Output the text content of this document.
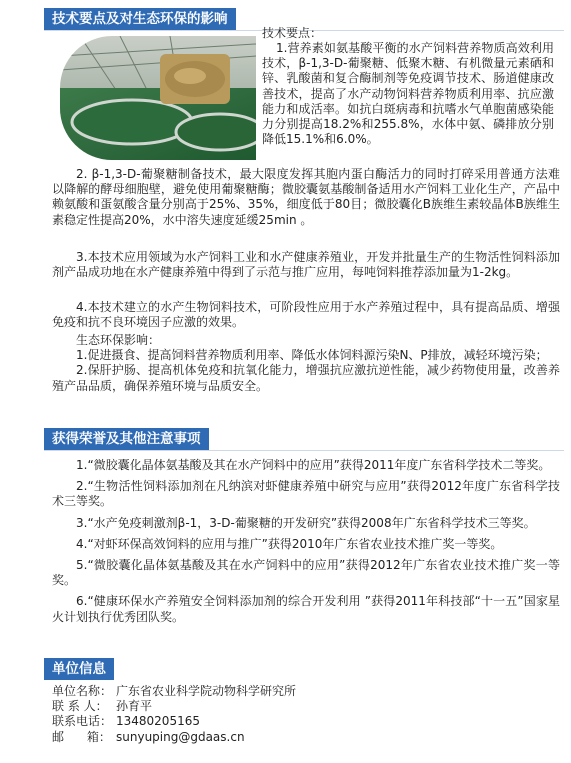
技术要点及对生态环保的影响

技术要点：

1.营养素如氨基酸平衡的水产饲料营养物质高效利用技术，β-1,3-D-葡聚糖、低聚木糖、有机微量元素硒和锌、乳酸菌和复合酶制剂等免疫调节技术、肠道健康改善技术，提高了水产动物饲料营养物质利用率、抗应激能力和成活率。如抗白斑病毒和抗嗜水气单胞菌感染能力分别提高18.2%和255.8%，水体中氨、磷排放分别降低15.1%和6.0%。

2. β-1,3-D-葡聚糖制备技术，最大限度发挥其胞内蛋白酶活力的同时打碎采用普通方法难以降解的酵母细胞壁，避免使用葡聚糖酶；微胶囊氨基酸制备适用水产饲料工业化生产，产品中赖氨酸和蛋氨酸含量分别高于25%、35%，细度低于80目；微胶囊化B族维生素较晶体B族维生素稳定性提高20%，水中溶失速度延缓25min 。

3.本技术应用领域为水产饲料工业和水产健康养殖业，开发并批量生产的生物活性饲料添加剂产品成功地在水产健康养殖中得到了示范与推广应用，每吨饲料推荐添加量为1-2kg。

4.本技术建立的水产生物饲料技术，可阶段性应用于水产养殖过程中，具有提高品质、增强免疫和抗不良环境因子应激的效果。

生态环保影响：

1.促进摄食、提高饲料营养物质利用率、降低水体饲料源污染N、P排放，减轻环境污染；

2.保肝护肠、提高机体免疫和抗氧化能力，增强抗应激抗逆性能，减少药物使用量，改善养殖产品品质，确保养殖环境与品质安全。

获得荣誉及其他注意事项

1.“微胶囊化晶体氨基酸及其在水产饲料中的应用”获得2011年度广东省科学技术二等奖。

2.“生物活性饲料添加剂在凡纳滨对虾健康养殖中研究与应用”获得2012年度广东省科学技术三等奖。

3.“水产免疫刺激剂β-1，3-D-葡聚糖的开发研究”获得2008年广东省科学技术三等奖。

4.“对虾环保高效饲料的应用与推广”获得2010年广东省农业技术推广奖一等奖。

5.“微胶囊化晶体氨基酸及其在水产饲料中的应用”获得2012年广东省农业技术推广奖一等奖。

6.“健康环保水产养殖安全饲料添加剂的综合开发利用 ”获得2011年科技部“十一五”国家星火计划执行优秀团队奖。

单位信息
单位名称： 广东省农业科学院动物科学研究所
联 系 人： 孙育平
联系电话： 13480205165
邮      箱： sunyuping@gdaas.cn
